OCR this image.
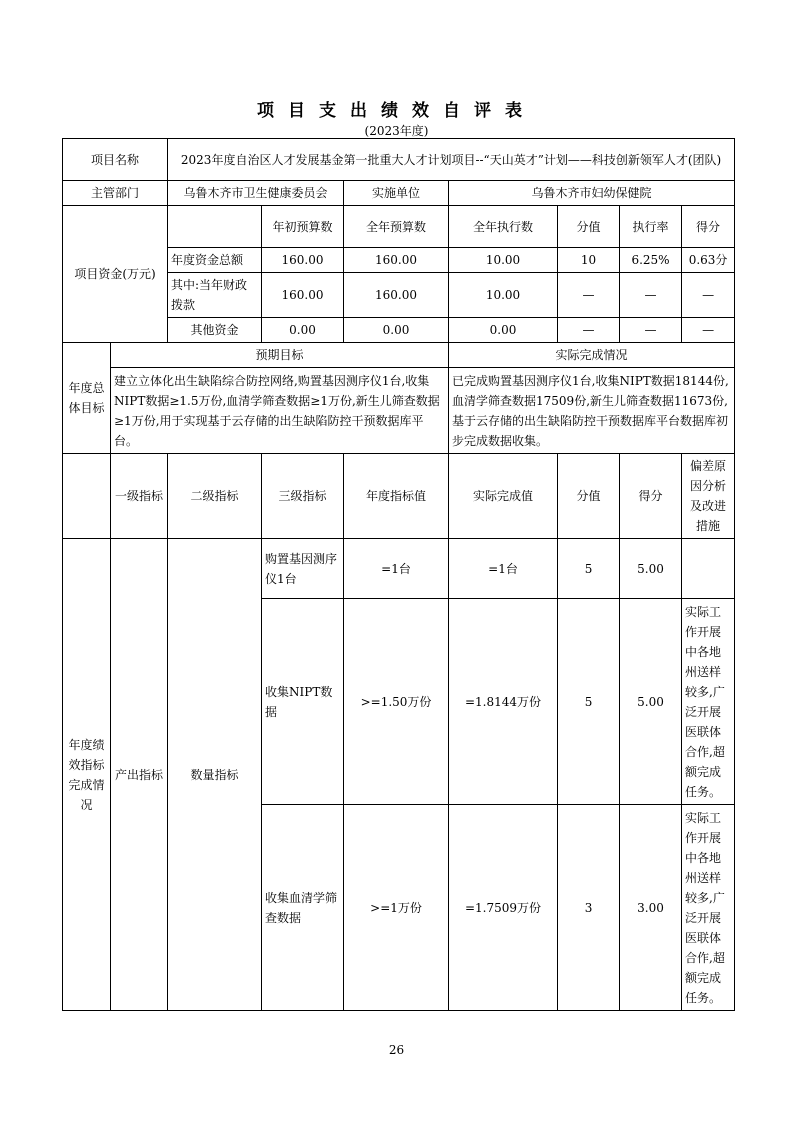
项目支出绩效自评表
(2023年度)
项目名称		2023年度自治区人才发展基金第一批重大人才计划项目--“天山英才”计划——科技创新领军人才(团队)						
主管部门		乌鲁木齐市卫生健康委员会		实施单位	乌鲁木齐市妇幼保健院			
项目资金(万元)			年初预算数	全年预算数	全年执行数	分值	执行率	得分
		年度资金总额	160.00	160.00	10.00	10	6.25%	0.63分
		其中:当年财政拨款	160.00	160.00	10.00	—	—	—
		其他资金	0.00	0.00	0.00	—	—	—
年度总体目标	预期目标				实际完成情况			
	建立立体化出生缺陷综合防控网络,购置基因测序仪1台,收集NIPT数据≥1.5万份,血清学筛查数据≥1万份,新生儿筛查数据≥1万份,用于实现基于云存储的出生缺陷防控干预数据库平台。				已完成购置基因测序仪1台,收集NIPT数据18144份,血清学筛查数据17509份,新生儿筛查数据11673份,基于云存储的出生缺陷防控干预数据库平台数据库初步完成数据收集。			
	一级指标	二级指标	三级指标	年度指标值	实际完成值	分值	得分	偏差原因分析及改进措施
年度绩效指标完成情况	产出指标	数量指标	购置基因测序仪1台	=1台	=1台	5	5.00	
			收集NIPT数据	>=1.50万份	=1.8144万份	5	5.00	实际工作开展中各地州送样较多,广泛开展医联体合作,超额完成任务。
			收集血清学筛查数据	>=1万份	=1.7509万份	3	3.00	实际工作开展中各地州送样较多,广泛开展医联体合作,超额完成任务。
26
